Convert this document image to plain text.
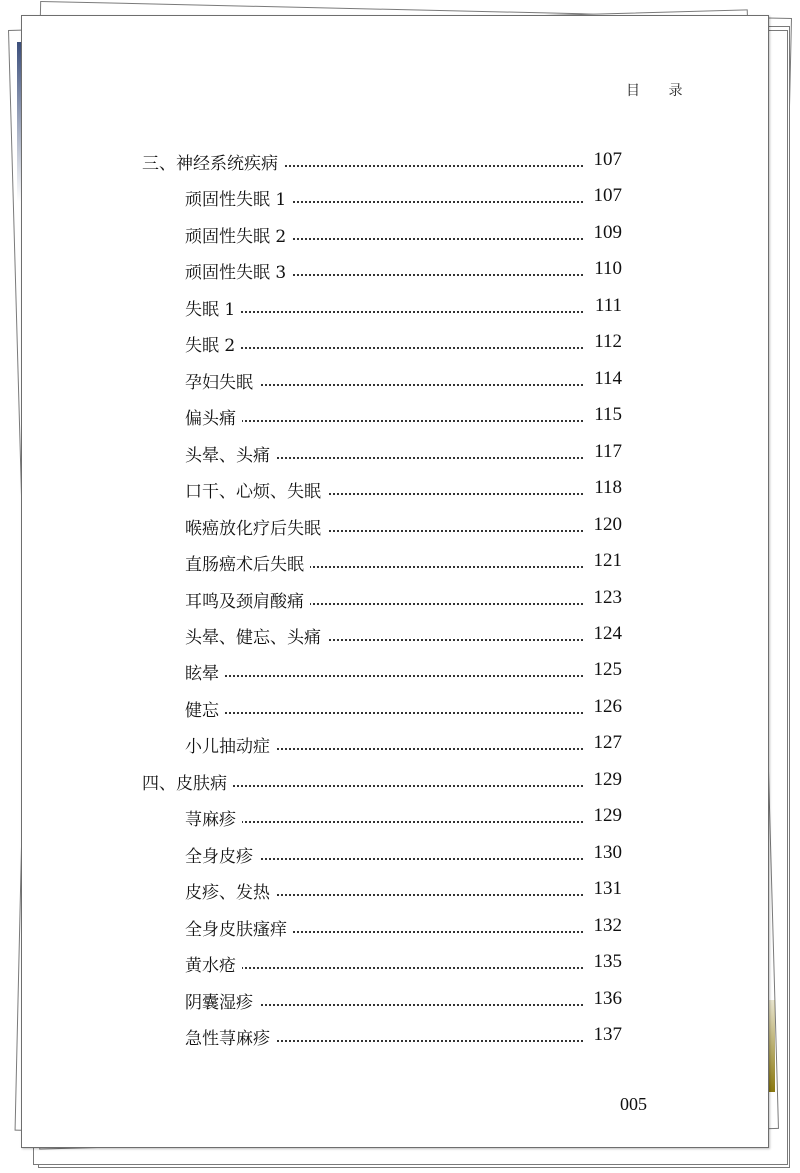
目 录
三、神经系统疾病	107
顽固性失眠 1	107
顽固性失眠 2	109
顽固性失眠 3	110
失眠 1	111
失眠 2	112
孕妇失眠	114
偏头痛	115
头晕、头痛	117
口干、心烦、失眠	118
喉癌放化疗后失眠	120
直肠癌术后失眠	121
耳鸣及颈肩酸痛	123
头晕、健忘、头痛	124
眩晕	125
健忘	126
小儿抽动症	127
四、皮肤病	129
荨麻疹	129
全身皮疹	130
皮疹、发热	131
全身皮肤瘙痒	132
黄水疮	135
阴囊湿疹	136
急性荨麻疹	137
005
